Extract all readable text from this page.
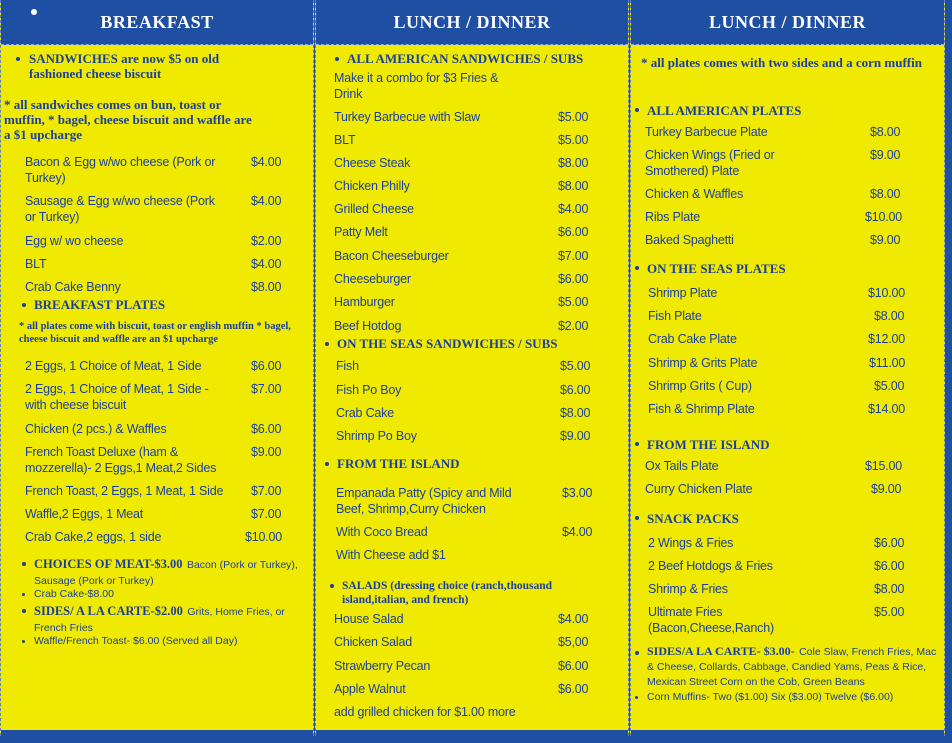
BREAKFAST
SANDWICHES are now $5 on old fashioned cheese biscuit
* all sandwiches comes on bun, toast or muffin, * bagel, cheese biscuit and waffle are a $1 upcharge
Bacon & Egg w/wo cheese (Pork or Turkey)
$4.00
Sausage & Egg w/wo cheese (Pork or Turkey)
$4.00
Egg w/ wo cheese	$2.00
BLT	$4.00
Crab Cake Benny	$8.00
BREAKFAST PLATES
* all plates come with biscuit, toast or english muffin * bagel, cheese biscuit and waffle are an $1 upcharge
2 Eggs, 1 Choice of Meat, 1 Side	$6.00
2 Eggs, 1 Choice of Meat, 1 Side - with cheese biscuit
$7.00
Chicken (2 pcs.) & Waffles	$6.00
French Toast Deluxe (ham & mozzerella)- 2 Eggs,1 Meat,2 Sides
$9.00
French Toast, 2 Eggs, 1 Meat, 1 Side	$7.00
Waffle,2 Eggs, 1 Meat	$7.00
Crab Cake,2 eggs, 1 side	$10.00
CHOICES OF MEAT-$3.00 Bacon (Pork or Turkey), Sausage (Pork or Turkey)
Crab Cake-$8.00
SIDES/ A LA CARTE-$2.00 Grits, Home Fries, or French Fries
Waffle/French Toast- $6.00 (Served all Day)
LUNCH / DINNER
ALL AMERICAN SANDWICHES / SUBS
Make it a combo for $3 Fries & Drink
Turkey Barbecue with Slaw	$5.00
BLT	$5.00
Cheese Steak	$8.00
Chicken Philly	$8.00
Grilled Cheese	$4.00
Patty Melt	$6.00
Bacon Cheeseburger	$7.00
Cheeseburger	$6.00
Hamburger	$5.00
Beef Hotdog	$2.00
ON THE SEAS SANDWICHES / SUBS
Fish	$5.00
Fish Po Boy	$6.00
Crab Cake	$8.00
Shrimp Po Boy	$9.00
FROM THE ISLAND
Empanada Patty (Spicy and Mild Beef, Shrimp,Curry Chicken
$3.00
With Coco Bread	$4.00
With Cheese add $1
SALADS (dressing choice (ranch,thousand island,italian, and french)
House Salad	$4.00
Chicken Salad	$5,00
Strawberry Pecan	$6.00
Apple Walnut	$6.00
add grilled chicken for $1.00 more
LUNCH / DINNER
* all plates comes with two sides and a corn muffin
ALL AMERICAN PLATES
Turkey Barbecue Plate	$8.00
Chicken Wings (Fried or Smothered) Plate
$9.00
Chicken & Waffles	$8.00
Ribs Plate	$10.00
Baked Spaghetti	$9.00
ON THE SEAS PLATES
Shrimp Plate	$10.00
Fish Plate	$8.00
Crab Cake Plate	$12.00
Shrimp & Grits Plate	$11.00
Shrimp Grits ( Cup)	$5.00
Fish & Shrimp Plate	$14.00
FROM THE ISLAND
Ox Tails Plate	$15.00
Curry Chicken Plate	$9.00
SNACK PACKS
2 Wings & Fries	$6.00
2 Beef Hotdogs & Fries	$6.00
Shrimp & Fries	$8.00
Ultimate Fries (Bacon,Cheese,Ranch)
$5.00
SIDES/A LA CARTE- $3.00- Cole Slaw, French Fries, Mac & Cheese, Collards, Cabbage, Candied Yams, Peas & Rice, Mexican Street Corn on the Cob, Green Beans
Corn Muffins- Two ($1.00) Six ($3.00) Twelve ($6.00)
